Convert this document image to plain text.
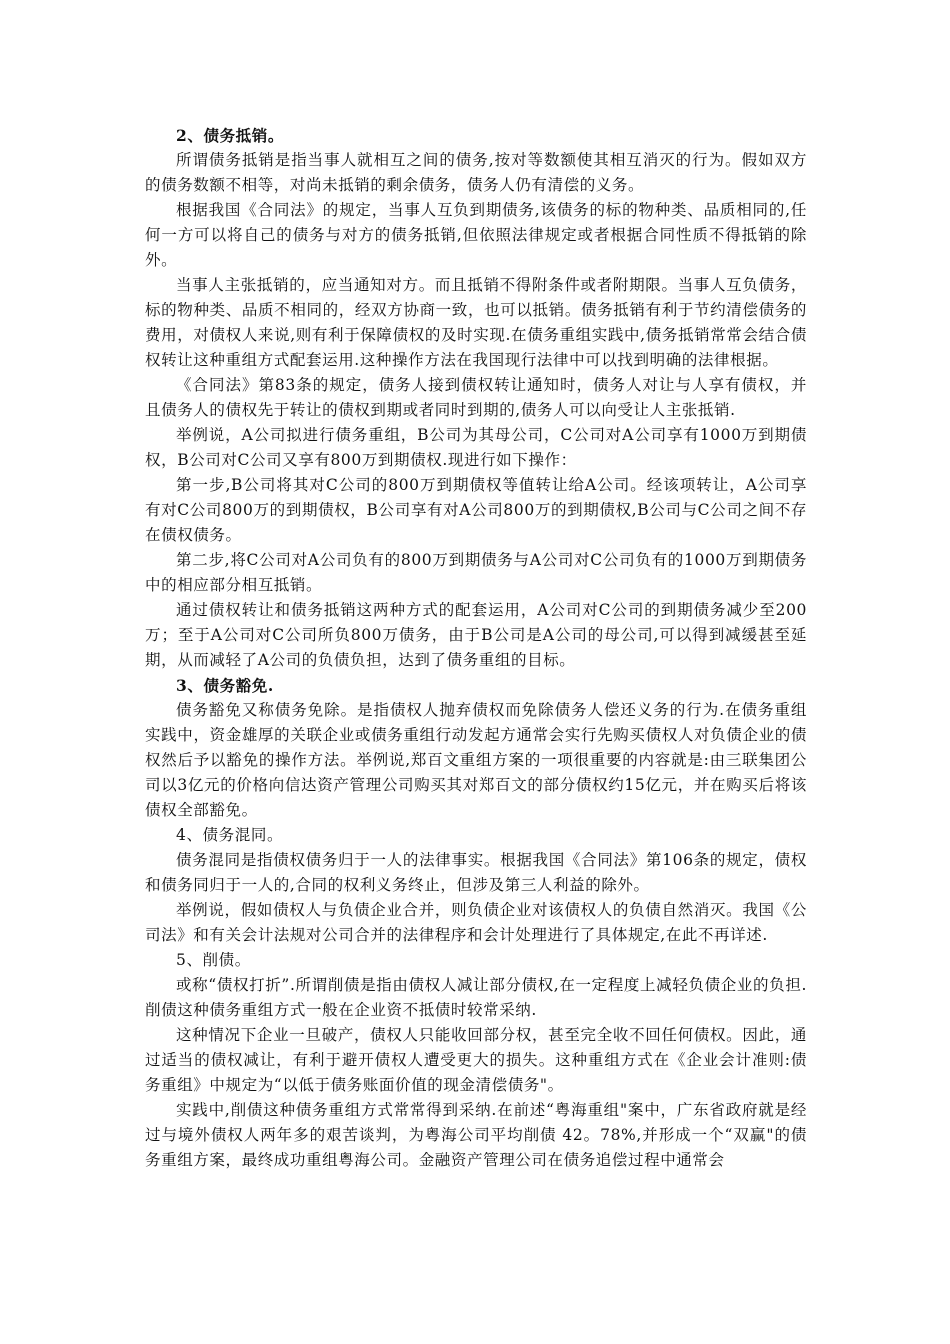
2、债务抵销。

所谓债务抵销是指当事人就相互之间的债务,按对等数额使其相互消灭的行为。假如双方的债务数额不相等，对尚未抵销的剩余债务，债务人仍有清偿的义务。

根据我国《合同法》的规定，当事人互负到期债务,该债务的标的物种类、品质相同的,任何一方可以将自己的债务与对方的债务抵销,但依照法律规定或者根据合同性质不得抵销的除外。

当事人主张抵销的，应当通知对方。而且抵销不得附条件或者附期限。当事人互负债务，标的物种类、品质不相同的，经双方协商一致，也可以抵销。债务抵销有利于节约清偿债务的费用，对债权人来说,则有利于保障债权的及时实现.在债务重组实践中,债务抵销常常会结合债权转让这种重组方式配套运用.这种操作方法在我国现行法律中可以找到明确的法律根据。

《合同法》第83条的规定，债务人接到债权转让通知时，债务人对让与人享有债权，并且债务人的债权先于转让的债权到期或者同时到期的,债务人可以向受让人主张抵销.

举例说，A公司拟进行债务重组，B公司为其母公司，C公司对A公司享有1000万到期债权，B公司对C公司又享有800万到期债权.现进行如下操作：

第一步,B公司将其对C公司的800万到期债权等值转让给A公司。经该项转让，A公司享有对C公司800万的到期债权，B公司享有对A公司800万的到期债权,B公司与C公司之间不存在债权债务。

第二步,将C公司对A公司负有的800万到期债务与A公司对C公司负有的1000万到期债务中的相应部分相互抵销。

通过债权转让和债务抵销这两种方式的配套运用，A公司对C公司的到期债务减少至200万；至于A公司对C公司所负800万债务，由于B公司是A公司的母公司,可以得到减缓甚至延期，从而减轻了A公司的负债负担，达到了债务重组的目标。

3、债务豁免.

债务豁免又称债务免除。是指债权人抛弃债权而免除债务人偿还义务的行为.在债务重组实践中，资金雄厚的关联企业或债务重组行动发起方通常会实行先购买债权人对负债企业的债权然后予以豁免的操作方法。举例说,郑百文重组方案的一项很重要的内容就是:由三联集团公司以3亿元的价格向信达资产管理公司购买其对郑百文的部分债权约15亿元，并在购买后将该债权全部豁免。

4、债务混同。

债务混同是指债权债务归于一人的法律事实。根据我国《合同法》第106条的规定，债权和债务同归于一人的,合同的权利义务终止，但涉及第三人利益的除外。

举例说，假如债权人与负债企业合并，则负债企业对该债权人的负债自然消灭。我国《公司法》和有关会计法规对公司合并的法律程序和会计处理进行了具体规定,在此不再详述.

5、削债。

或称“债权打折”.所谓削债是指由债权人减让部分债权,在一定程度上减轻负债企业的负担.削债这种债务重组方式一般在企业资不抵债时较常采纳.

这种情况下企业一旦破产，债权人只能收回部分权，甚至完全收不回任何债权。因此，通过适当的债权减让，有利于避开债权人遭受更大的损失。这种重组方式在《企业会计准则:债务重组》中规定为“以低于债务账面价值的现金清偿债务"。

实践中,削债这种债务重组方式常常得到采纳.在前述“粤海重组"案中，广东省政府就是经过与境外债权人两年多的艰苦谈判，为粤海公司平均削债 42。78%,并形成一个“双赢"的债务重组方案，最终成功重组粤海公司。金融资产管理公司在债务追偿过程中通常会
